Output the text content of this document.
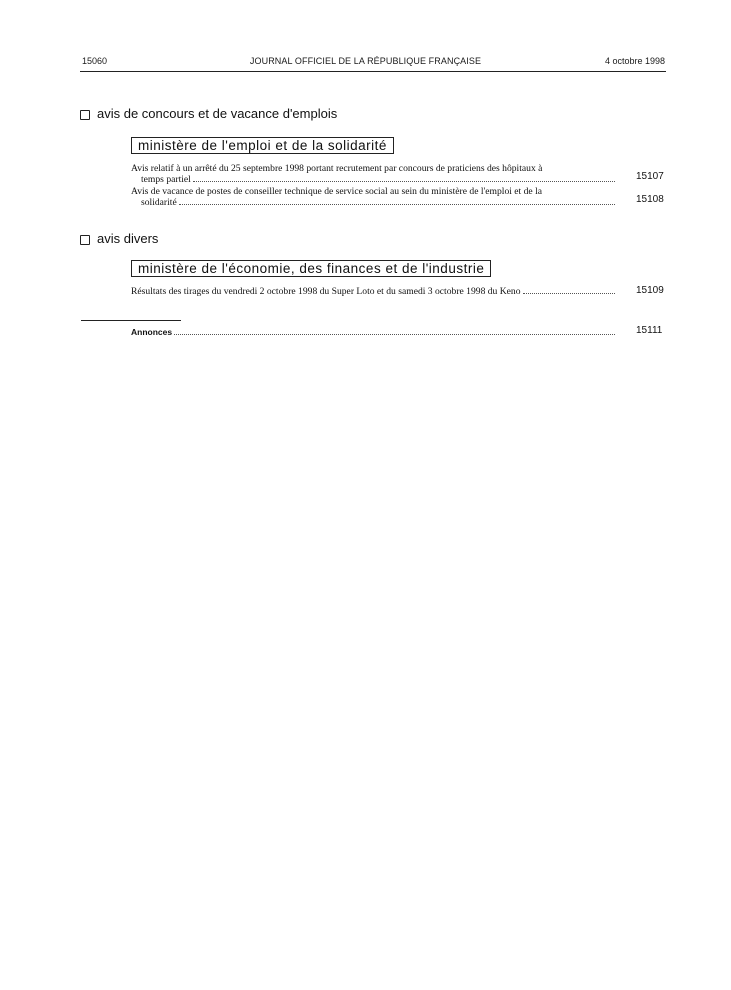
15060	JOURNAL OFFICIEL DE LA RÉPUBLIQUE FRANÇAISE	4 octobre 1998
avis de concours et de vacance d'emplois
ministère de l'emploi et de la solidarité
Avis relatif à un arrêté du 25 septembre 1998 portant recrutement par concours de praticiens des hôpitaux à
temps partiel	15107
Avis de vacance de postes de conseiller technique de service social au sein du ministère de l'emploi et de la
solidarité	15108
avis divers
ministère de l'économie, des finances et de l'industrie
Résultats des tirages du vendredi 2 octobre 1998 du Super Loto et du samedi 3 octobre 1998 du Keno	15109
Annonces	15111
